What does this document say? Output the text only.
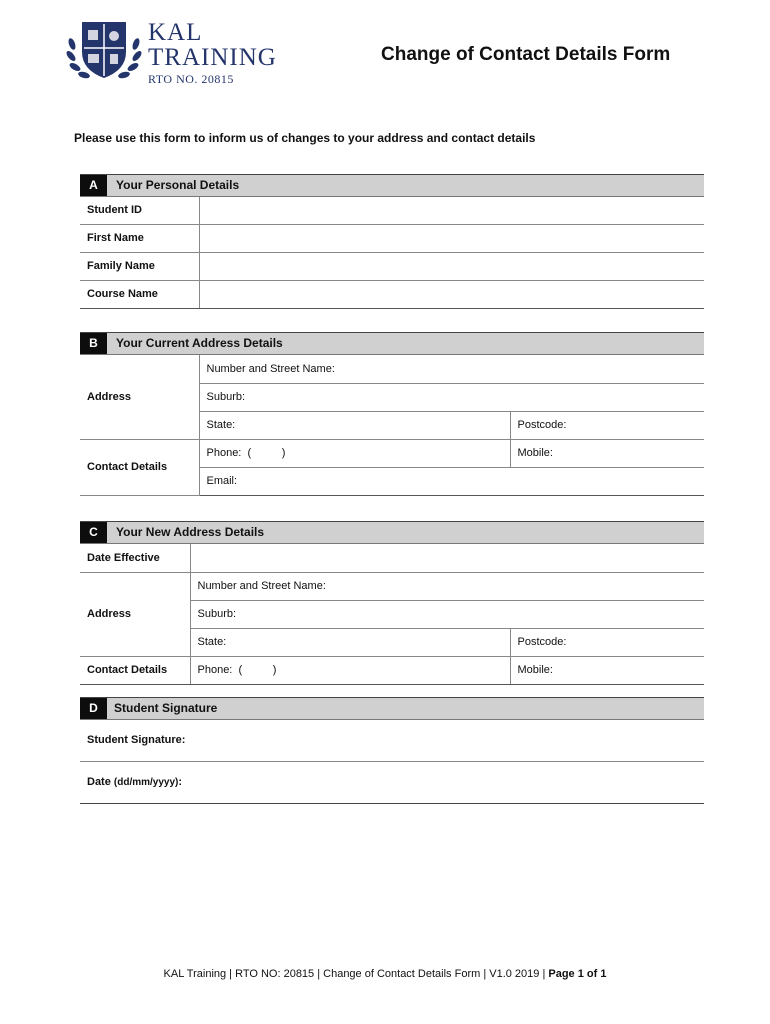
KAL
TRAINING
RTO NO. 20815
Change of Contact Details Form
Please use this form to inform us of changes to your address and contact details
A	Your Personal Details
Student ID	
First Name	
Family Name	
Course Name	
B	Your Current Address Details
Address	Number and Street Name:	
	Suburb:	
	State:	Postcode:
Contact Details	Phone:  (          )	Mobile:
	Email:	
C	Your New Address Details
Date Effective		
Address	Number and Street Name:	
	Suburb:	
	State:	Postcode:
Contact Details	Phone:  (          )	Mobile:
D	Student Signature
Student Signature:
Date (dd/mm/yyyy):
KAL Training | RTO NO: 20815 | Change of Contact Details Form | V1.0 2019 | Page 1 of 1
